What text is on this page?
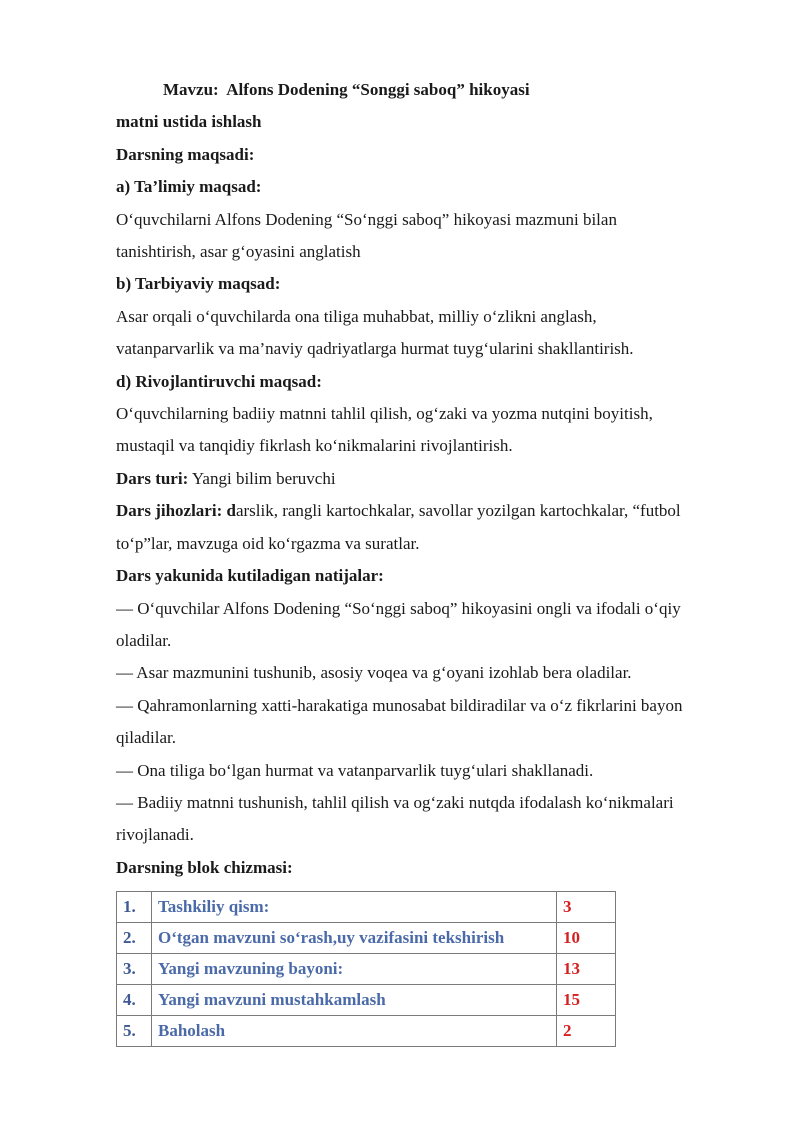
Mavzu:  Alfons Dodening “Songgi saboq” hikoyasi
matni ustida ishlash
Darsning maqsadi:
a) Ta’limiy maqsad:
O‘quvchilarni Alfons Dodening “So‘nggi saboq” hikoyasi mazmuni bilan
tanishtirish, asar g‘oyasini anglatish
b) Tarbiyaviy maqsad:
Asar orqali o‘quvchilarda ona tiliga muhabbat, milliy o‘zlikni anglash,
vatanparvarlik va ma’naviy qadriyatlarga hurmat tuyg‘ularini shakllantirish.
d) Rivojlantiruvchi maqsad:
O‘quvchilarning badiiy matnni tahlil qilish, og‘zaki va yozma nutqini boyitish,
mustaqil va tanqidiy fikrlash ko‘nikmalarini rivojlantirish.
Dars turi: Yangi bilim beruvchi
Dars jihozlari: darslik, rangli kartochkalar, savollar yozilgan kartochkalar, “futbol
to‘p”lar, mavzuga oid ko‘rgazma va suratlar.
Dars yakunida kutiladigan natijalar:
— O‘quvchilar Alfons Dodening “So‘nggi saboq” hikoyasini ongli va ifodali o‘qiy
oladilar.
— Asar mazmunini tushunib, asosiy voqea va g‘oyani izohlab bera oladilar.
— Qahramonlarning xatti-harakatiga munosabat bildiradilar va o‘z fikrlarini bayon
qiladilar.
— Ona tiliga bo‘lgan hurmat va vatanparvarlik tuyg‘ulari shakllanadi.
— Badiiy matnni tushunish, tahlil qilish va og‘zaki nutqda ifodalash ko‘nikmalari
rivojlanadi.
Darsning blok chizmasi:
1.	Tashkiliy qism:	3
2.	O‘tgan mavzuni so‘rash,uy vazifasini tekshirish	10
3.	Yangi mavzuning bayoni:	13
4.	Yangi mavzuni mustahkamlash	15
5.	Baholash	2
